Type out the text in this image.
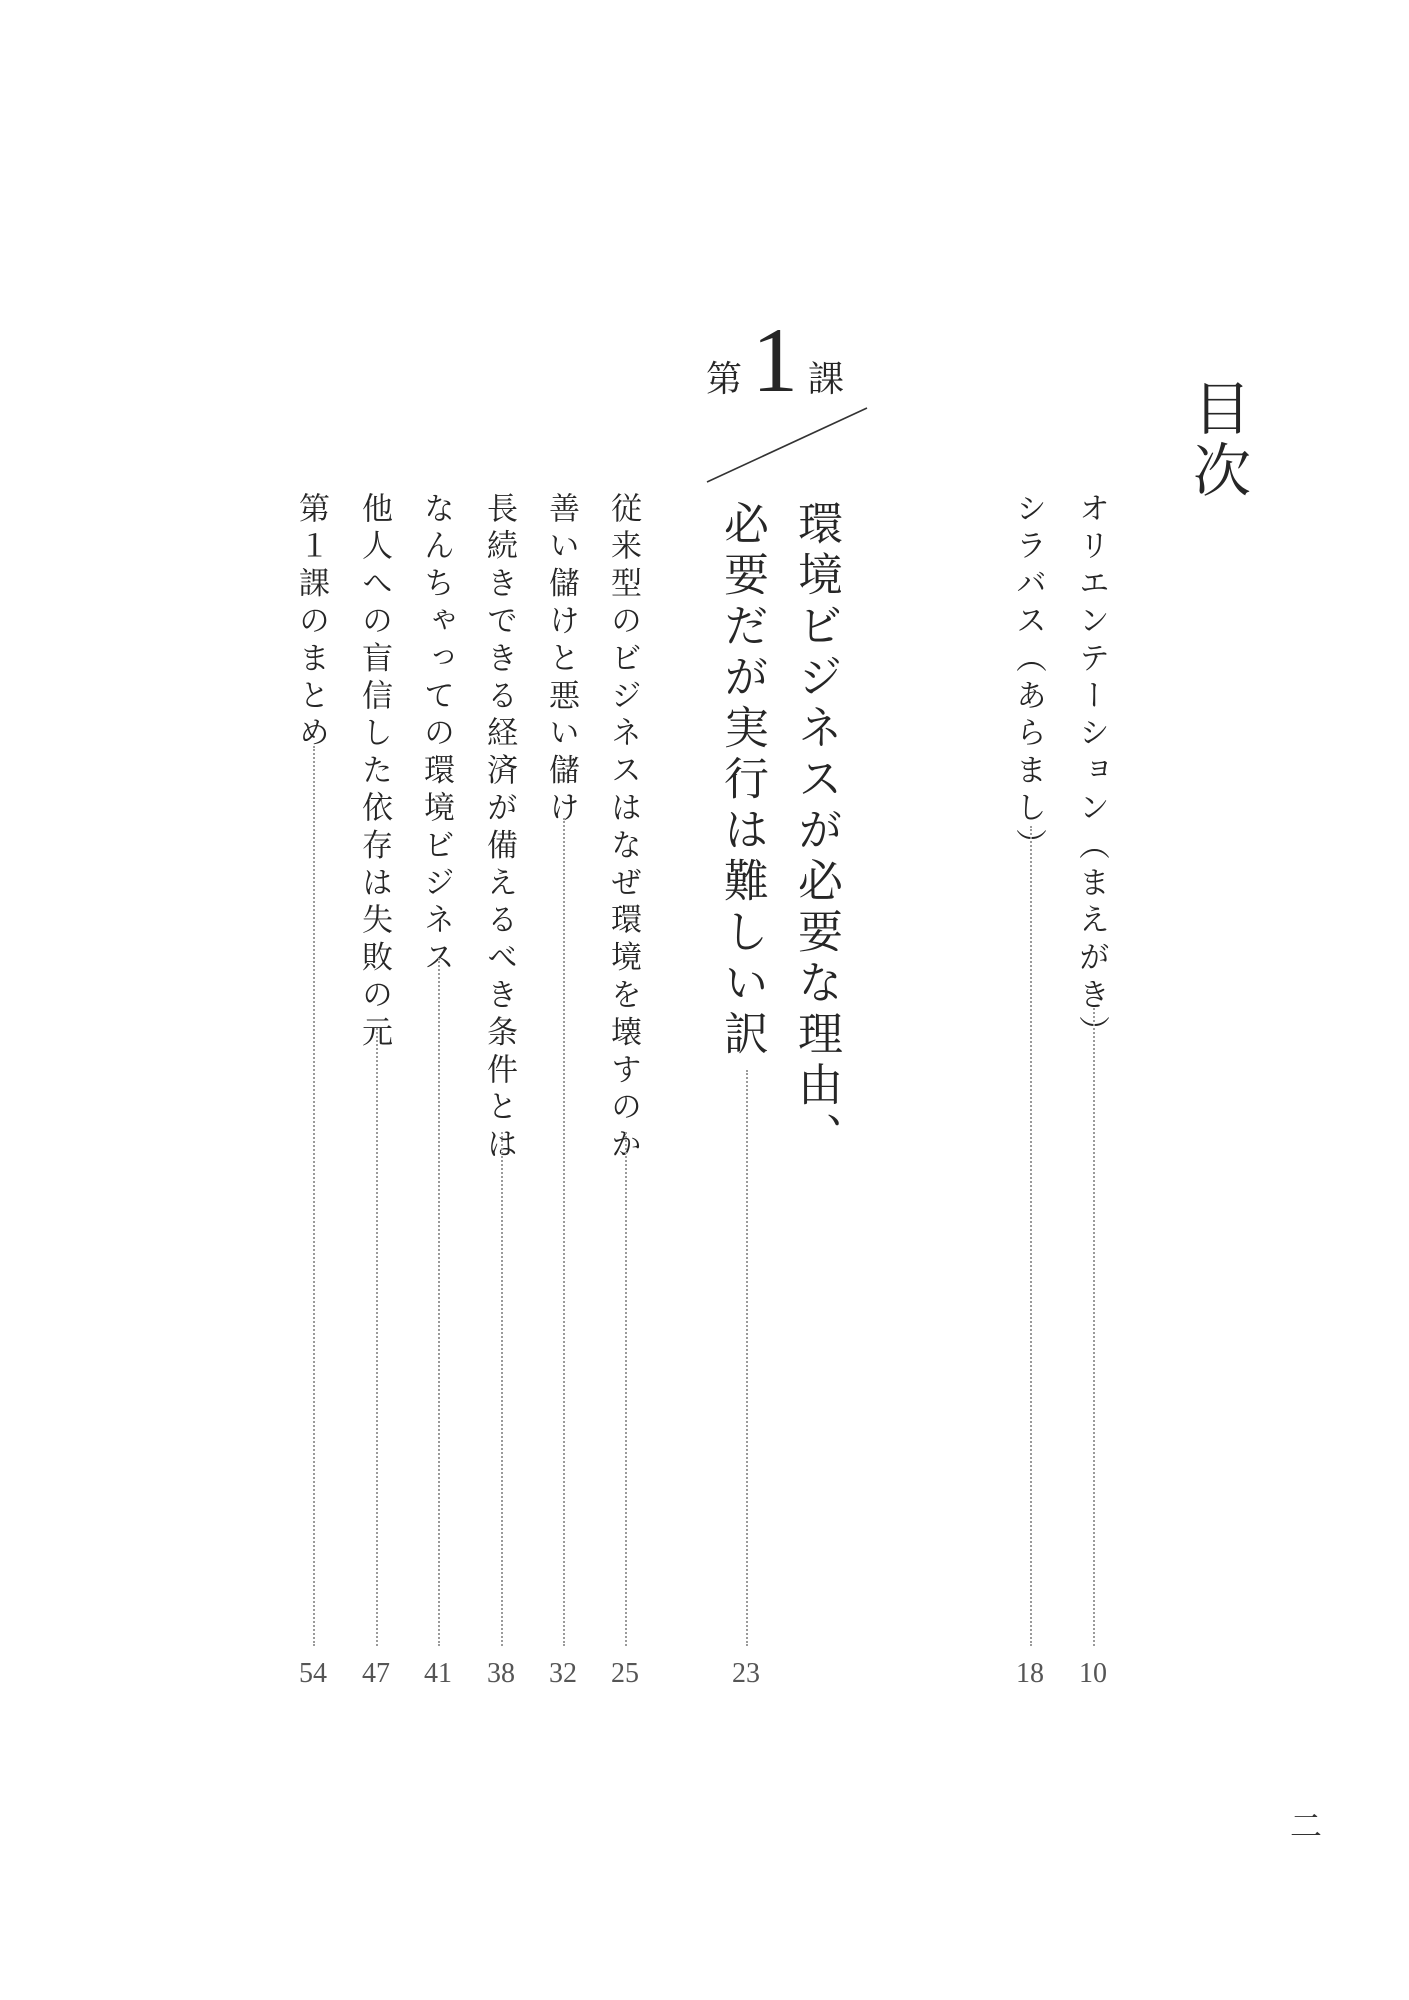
目次
オリエンテーション（まえがき）
10
シラバス（あらまし）
18
第 1 課
環境ビジネスが必要な理由、
必要だが実行は難しい訳
23
従来型のビジネスはなぜ環境を壊すのか
25
善い儲けと悪い儲け
32
長続きできる経済が備えるべき条件とは
38
なんちゃっての環境ビジネス
41
他人への盲信した依存は失敗の元
47
第１課のまとめ
54
二
